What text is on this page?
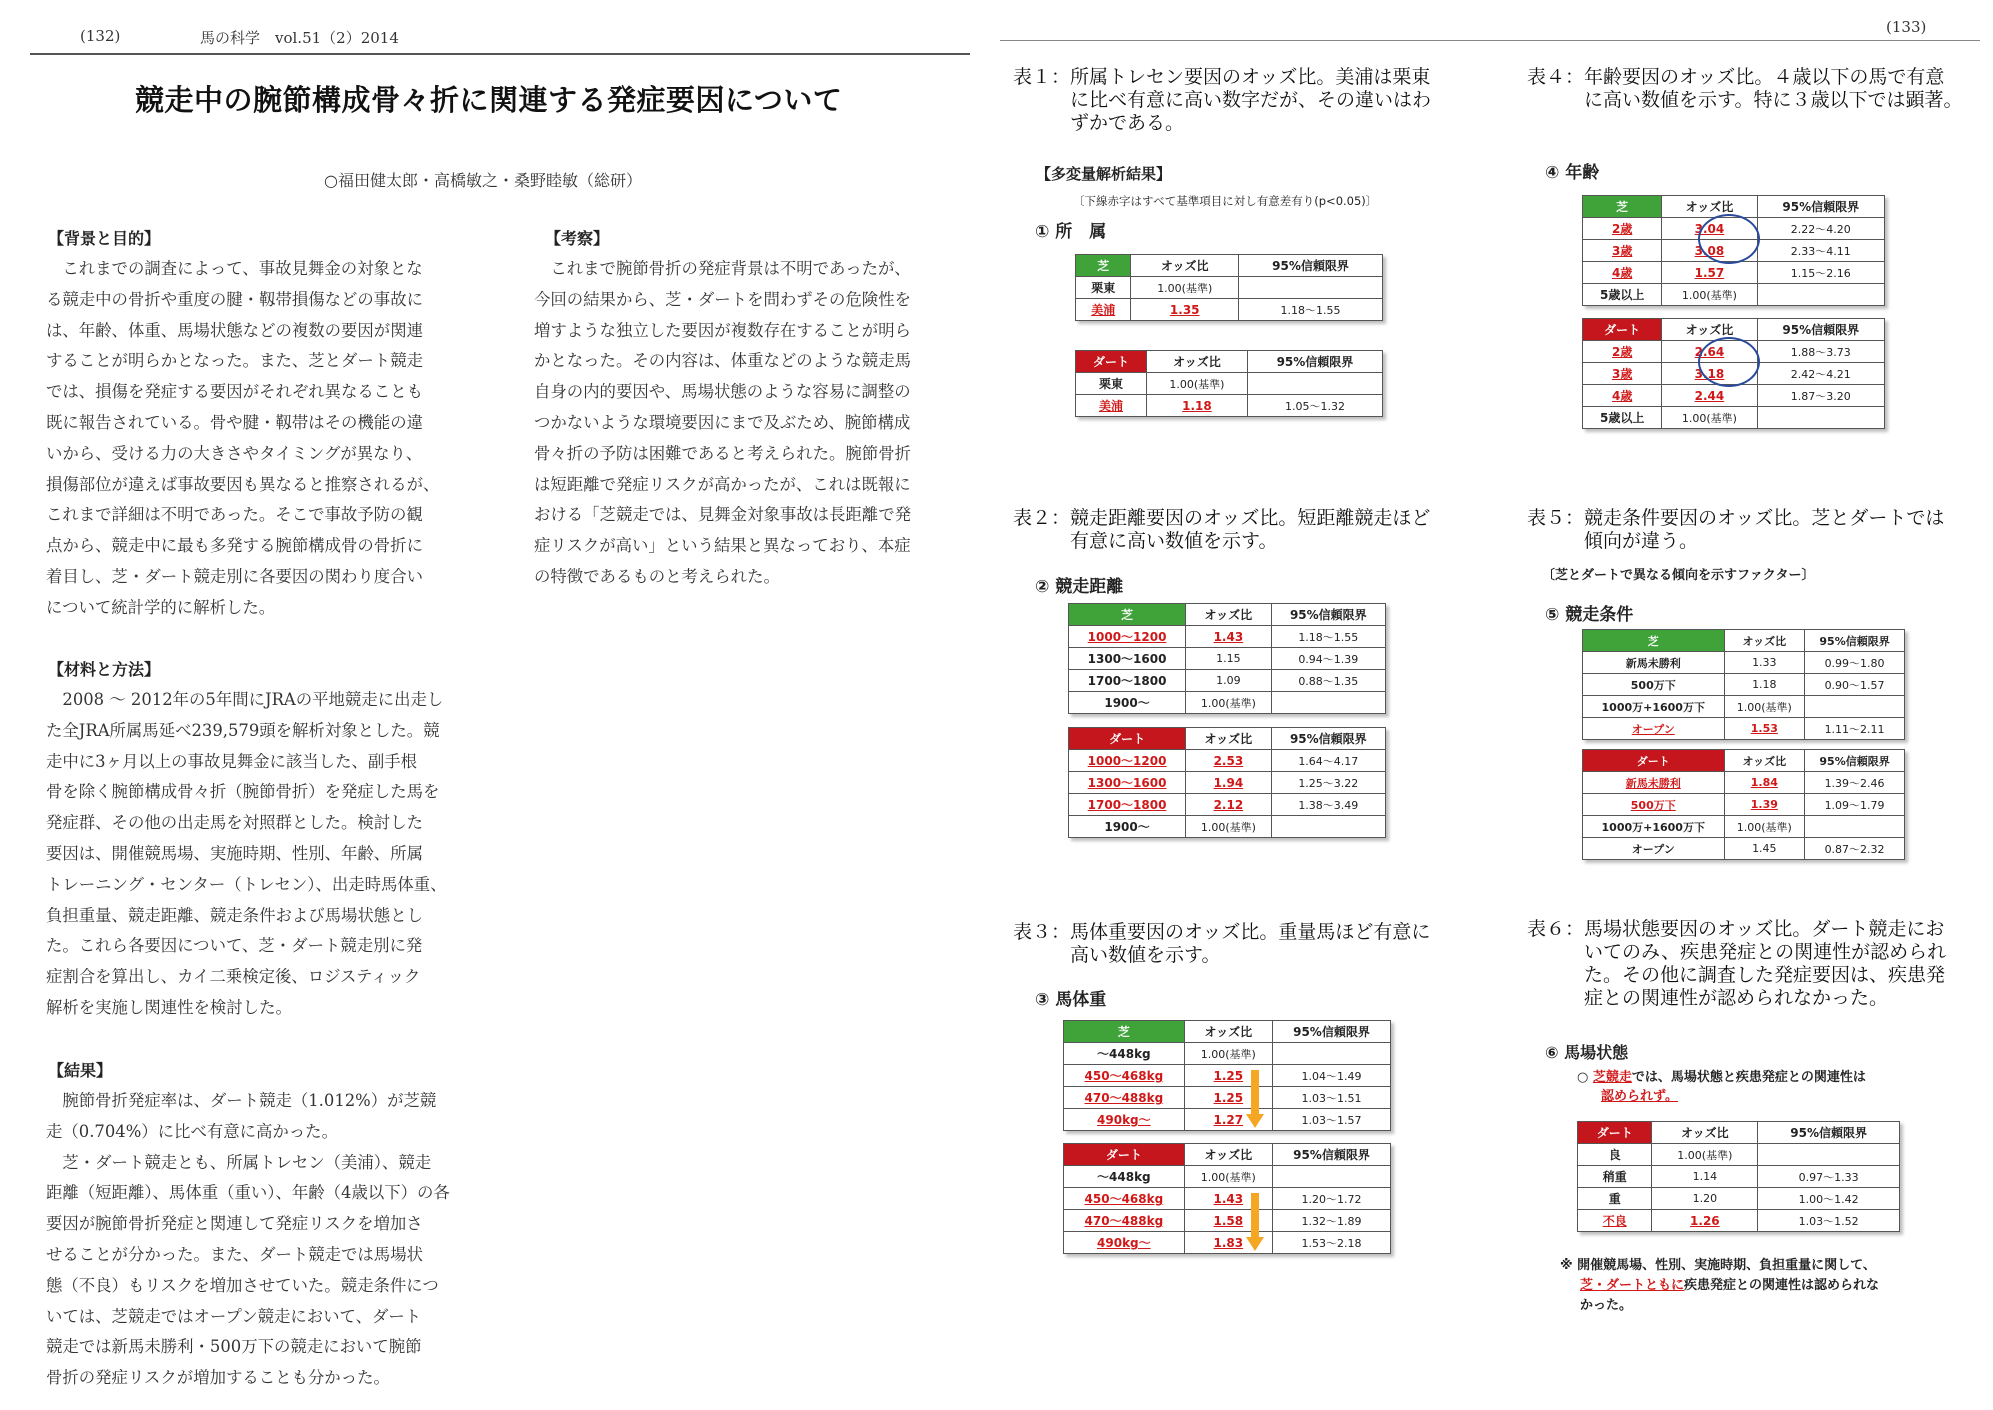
(132)	馬の科学　vol.51（2）2014
競走中の腕節構成骨々折に関連する発症要因について
○福田健太郎・高橋敏之・桑野睦敏（総研）
【背景と目的】

　これまでの調査によって、事故見舞金の対象とな
る競走中の骨折や重度の腱・靱帯損傷などの事故に
は、年齢、体重、馬場状態などの複数の要因が関連
することが明らかとなった。また、芝とダート競走
では、損傷を発症する要因がそれぞれ異なることも
既に報告されている。骨や腱・靱帯はその機能の違
いから、受ける力の大きさやタイミングが異なり、
損傷部位が違えば事故要因も異なると推察されるが、
これまで詳細は不明であった。そこで事故予防の観
点から、競走中に最も多発する腕節構成骨の骨折に
着目し、芝・ダート競走別に各要因の関わり度合い
について統計学的に解析した。

【材料と方法】

　2008 ～ 2012年の5年間にJRAの平地競走に出走し
た全JRA所属馬延べ239,579頭を解析対象とした。競
走中に3ヶ月以上の事故見舞金に該当した、副手根
骨を除く腕節構成骨々折（腕節骨折）を発症した馬を
発症群、その他の出走馬を対照群とした。検討した
要因は、開催競馬場、実施時期、性別、年齢、所属
トレーニング・センター（トレセン）、出走時馬体重、
負担重量、競走距離、競走条件および馬場状態とし
た。これら各要因について、芝・ダート競走別に発
症割合を算出し、カイ二乗検定後、ロジスティック
解析を実施し関連性を検討した。

【結果】

　腕節骨折発症率は、ダート競走（1.012%）が芝競
走（0.704%）に比べ有意に高かった。
　芝・ダート競走とも、所属トレセン（美浦）、競走
距離（短距離）、馬体重（重い）、年齢（4歳以下）の各
要因が腕節骨折発症と関連して発症リスクを増加さ
せることが分かった。また、ダート競走では馬場状
態（不良）もリスクを増加させていた。競走条件につ
いては、芝競走ではオープン競走において、ダート
競走では新馬未勝利・500万下の競走において腕節
骨折の発症リスクが増加することも分かった。

【考察】

　これまで腕節骨折の発症背景は不明であったが、
今回の結果から、芝・ダートを問わずその危険性を
増すような独立した要因が複数存在することが明ら
かとなった。その内容は、体重などのような競走馬
自身の内的要因や、馬場状態のような容易に調整の
つかないような環境要因にまで及ぶため、腕節構成
骨々折の予防は困難であると考えられた。腕節骨折
は短距離で発症リスクが高かったが、これは既報に
おける「芝競走では、見舞金対象事故は長距離で発
症リスクが高い」という結果と異なっており、本症
の特徴であるものと考えられた。

(133)

表１：所属トレセン要因のオッズ比。美浦は栗東
　　　に比べ有意に高い数字だが、その違いはわ
　　　ずかである。

【多変量解析結果】
〔下線赤字はすべて基準項目に対し有意差有り(p<0.05)〕
① 所　属
芝	オッズ比	95%信頼限界
栗東	1.00(基準)	
美浦	1.35	1.18～1.55
ダート	オッズ比	95%信頼限界
栗東	1.00(基準)	
美浦	1.18	1.05～1.32

表２：競走距離要因のオッズ比。短距離競走ほど
　　　有意に高い数値を示す。

② 競走距離
芝	オッズ比	95%信頼限界
1000～1200	1.43	1.18～1.55
1300～1600	1.15	0.94～1.39
1700～1800	1.09	0.88～1.35
1900～	1.00(基準)	
ダート	オッズ比	95%信頼限界
1000～1200	2.53	1.64～4.17
1300～1600	1.94	1.25～3.22
1700～1800	2.12	1.38～3.49
1900～	1.00(基準)	

表３：馬体重要因のオッズ比。重量馬ほど有意に
　　　高い数値を示す。

③ 馬体重
芝	オッズ比	95%信頼限界
～448kg	1.00(基準)	
450～468kg	1.25	1.04～1.49
470～488kg	1.25	1.03～1.51
490kg～	1.27	1.03～1.57
ダート	オッズ比	95%信頼限界
～448kg	1.00(基準)	
450～468kg	1.43	1.20～1.72
470～488kg	1.58	1.32～1.89
490kg～	1.83	1.53～2.18

表４：年齢要因のオッズ比。４歳以下の馬で有意
　　　に高い数値を示す。特に３歳以下では顕著。

④ 年齢
芝	オッズ比	95%信頼限界
2歳	3.04	2.22～4.20
3歳	3.08	2.33～4.11
4歳	1.57	1.15～2.16
5歳以上	1.00(基準)	
ダート	オッズ比	95%信頼限界
2歳	2.64	1.88～3.73
3歳	3.18	2.42～4.21
4歳	2.44	1.87～3.20
5歳以上	1.00(基準)	

表５：競走条件要因のオッズ比。芝とダートでは
　　　傾向が違う。

〔芝とダートで異なる傾向を示すファクター〕
⑤ 競走条件
芝	オッズ比	95%信頼限界
新馬未勝利	1.33	0.99～1.80
500万下	1.18	0.90～1.57
1000万+1600万下	1.00(基準)	
オープン	1.53	1.11～2.11
ダート	オッズ比	95%信頼限界
新馬未勝利	1.84	1.39～2.46
500万下	1.39	1.09～1.79
1000万+1600万下	1.00(基準)	
オープン	1.45	0.87～2.32

表６：馬場状態要因のオッズ比。ダート競走にお
　　　いてのみ、疾患発症との関連性が認められ
　　　た。その他に調査した発症要因は、疾患発
　　　症との関連性が認められなかった。

⑥ 馬場状態
○ 芝競走では、馬場状態と疾患発症との関連性は
認められず。
ダート	オッズ比	95%信頼限界
良	1.00(基準)	
稍重	1.14	0.97～1.33
重	1.20	1.00～1.42
不良	1.26	1.03～1.52
※ 開催競馬場、性別、実施時期、負担重量に関して、
芝・ダートともに疾患発症との関連性は認められな
かった。
